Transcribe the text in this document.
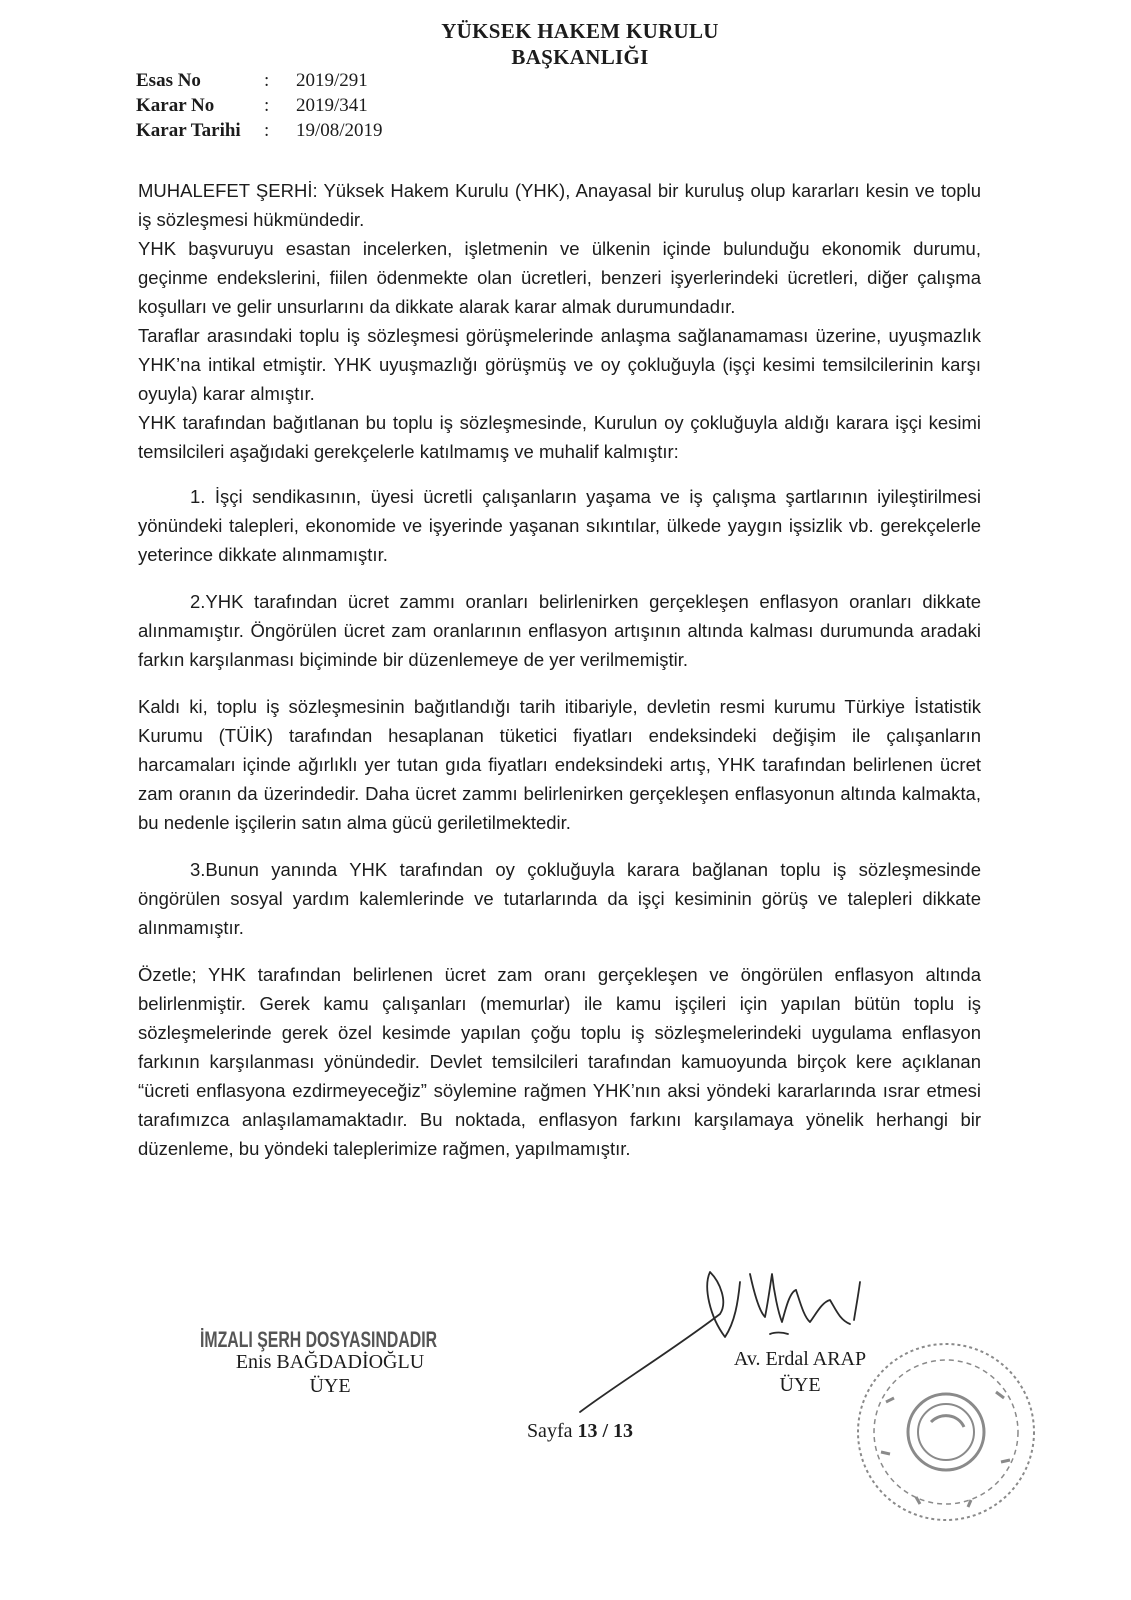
YÜKSEK HAKEM KURULU
BAŞKANLIĞI
Esas No	:	2019/291
Karar No	:	2019/341
Karar Tarihi	:	19/08/2019

MUHALEFET ŞERHİ: Yüksek Hakem Kurulu (YHK), Anayasal bir kuruluş olup kararları kesin ve toplu iş sözleşmesi hükmündedir.

YHK başvuruyu esastan incelerken, işletmenin ve ülkenin içinde bulunduğu ekonomik durumu, geçinme endekslerini, fiilen ödenmekte olan ücretleri, benzeri işyerlerindeki ücretleri, diğer çalışma koşulları ve gelir unsurlarını da dikkate alarak karar almak durumundadır.

Taraflar arasındaki toplu iş sözleşmesi görüşmelerinde anlaşma sağlanamaması üzerine, uyuşmazlık YHK’na intikal etmiştir. YHK uyuşmazlığı görüşmüş ve oy çokluğuyla (işçi kesimi temsilcilerinin karşı oyuyla) karar almıştır.

YHK tarafından bağıtlanan bu toplu iş sözleşmesinde, Kurulun oy çokluğuyla aldığı karara işçi kesimi temsilcileri aşağıdaki gerekçelerle katılmamış ve muhalif kalmıştır:

1. İşçi sendikasının, üyesi ücretli çalışanların yaşama ve iş çalışma şartlarının iyileştirilmesi yönündeki talepleri, ekonomide ve işyerinde yaşanan sıkıntılar, ülkede yaygın işsizlik vb. gerekçelerle yeterince dikkate alınmamıştır.

2.YHK tarafından ücret zammı oranları belirlenirken gerçekleşen enflasyon oranları dikkate alınmamıştır. Öngörülen ücret zam oranlarının enflasyon artışının altında kalması durumunda aradaki farkın karşılanması biçiminde bir düzenlemeye de yer verilmemiştir.

Kaldı ki, toplu iş sözleşmesinin bağıtlandığı tarih itibariyle, devletin resmi kurumu Türkiye İstatistik Kurumu (TÜİK) tarafından hesaplanan tüketici fiyatları endeksindeki değişim ile çalışanların harcamaları içinde ağırlıklı yer tutan gıda fiyatları endeksindeki artış, YHK tarafından belirlenen ücret zam oranın da üzerindedir. Daha ücret zammı belirlenirken gerçekleşen enflasyonun altında kalmakta, bu nedenle işçilerin satın alma gücü geriletilmektedir.

3.Bunun yanında YHK tarafından oy çokluğuyla karara bağlanan toplu iş sözleşmesinde öngörülen sosyal yardım kalemlerinde ve tutarlarında da işçi kesiminin görüş ve talepleri dikkate alınmamıştır.

Özetle; YHK tarafından belirlenen ücret zam oranı gerçekleşen ve öngörülen enflasyon altında belirlenmiştir. Gerek kamu çalışanları (memurlar) ile kamu işçileri için yapılan bütün toplu iş sözleşmelerinde gerek özel kesimde yapılan çoğu toplu iş sözleşmelerindeki uygulama enflasyon farkının karşılanması yönündedir. Devlet temsilcileri tarafından kamuoyunda birçok kere açıklanan “ücreti enflasyona ezdirmeyeceğiz” söylemine rağmen YHK’nın aksi yöndeki kararlarında ısrar etmesi tarafımızca anlaşılamamaktadır. Bu noktada, enflasyon farkını karşılamaya yönelik herhangi bir düzenleme, bu yöndeki taleplerimize rağmen, yapılmamıştır.

İMZALI ŞERH DOSYASINDADIR
Enis BAĞDADİOĞLU
ÜYE
Av. Erdal ARAP
ÜYE
Sayfa 13 / 13
